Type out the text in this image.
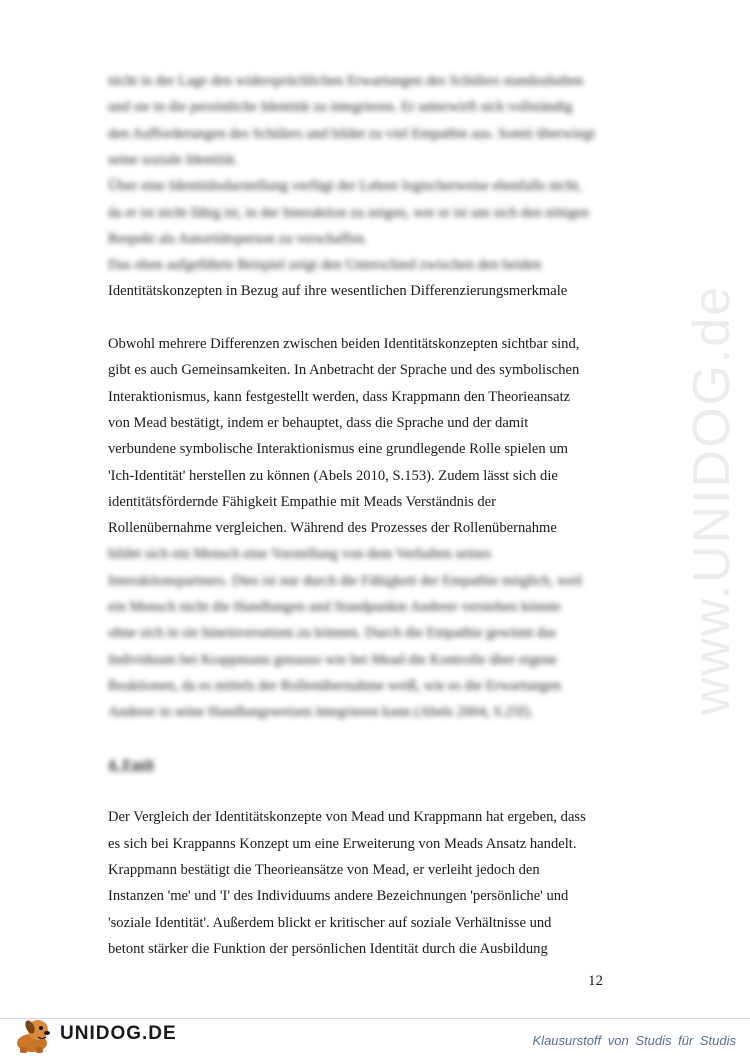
www.UNIDOG.de
nicht in der Lage den widersprüchlichen Erwartungen des Schülers standzuhalten
und sie in die persönliche Identität zu integrieren. Er unterwirft sich vollständig
den Aufforderungen des Schülers und bildet zu viel Empathie aus. Somit überwiegt
seine soziale Identität.
Über eine Identitätsdarstellung verfügt der Lehrer logischerweise ebenfalls nicht,
da er ist nicht fähig ist, in der Interaktion zu zeigen, wer er ist um sich den nötigen
Respekt als Autoritätsperson zu verschaffen.
Das oben aufgeführte Beispiel zeigt den Unterschied zwischen den beiden
Identitätskonzepten in Bezug auf ihre wesentlichen Differenzierungsmerkmale
Obwohl mehrere Differenzen zwischen beiden Identitätskonzepten sichtbar sind,
gibt es auch Gemeinsamkeiten. In Anbetracht der Sprache und des symbolischen
Interaktionismus, kann festgestellt werden, dass Krappmann den Theorieansatz
von Mead bestätigt, indem er behauptet, dass die Sprache und der damit
verbundene symbolische Interaktionismus eine grundlegende Rolle spielen um
'Ich-Identität' herstellen zu können (Abels 2010, S.153). Zudem lässt sich die
identitätsfördernde Fähigkeit Empathie mit Meads Verständnis der
Rollenübernahme vergleichen. Während des Prozesses der Rollenübernahme
bildet sich ein Mensch eine Vorstellung von dem Verhalten seines
Interaktionspartners. Dies ist nur durch die Fähigkeit der Empathie möglich, weil
ein Mensch nicht die Handlungen und Standpunkte Anderer verstehen könnte
ohne sich in sie hineinversetzen zu können. Durch die Empathie gewinnt das
Individuum bei Krappmann genauso wie bei Mead die Kontrolle über eigene
Reaktionen, da es mittels der Rollenübernahme weiß, wie es die Erwartungen
Anderer in seine Handlungsweisen integrieren kann (Abels 2004, S.25f).
4. Fazit
Der Vergleich der Identitätskonzepte von Mead und Krappmann hat ergeben, dass
es sich bei Krappanns Konzept um eine Erweiterung von Meads Ansatz handelt.
Krappmann bestätigt die Theorieansätze von Mead, er verleiht jedoch den
Instanzen 'me' und 'I' des Individuums andere Bezeichnungen 'persönliche' und
'soziale Identität'. Außerdem blickt er kritischer auf soziale Verhältnisse und
betont stärker die Funktion der persönlichen Identität durch die Ausbildung
12
UNIDOG.DE	Klausurstoff von Studis für Studis
